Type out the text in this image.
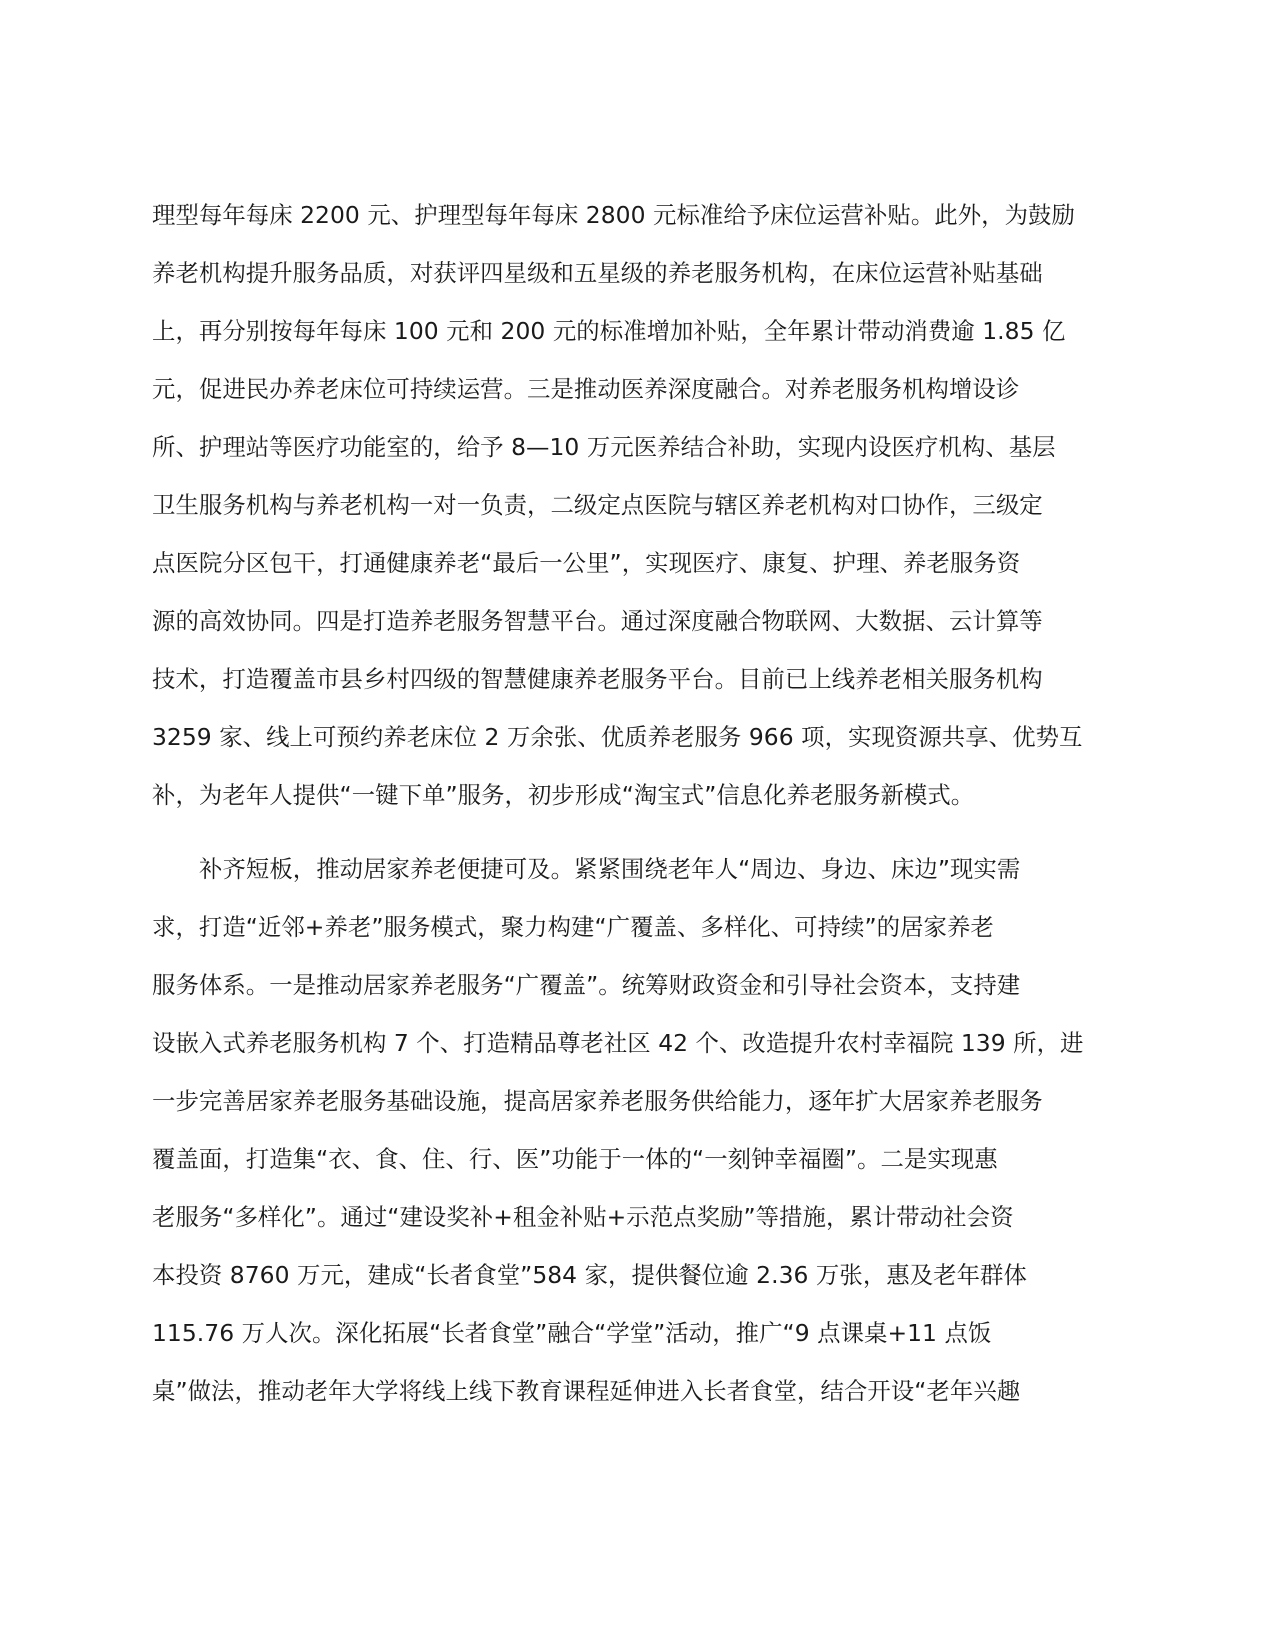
理型每年每床 2200 元、护理型每年每床 2800 元标准给予床位运营补贴。此外，为鼓励
养老机构提升服务品质，对获评四星级和五星级的养老服务机构，在床位运营补贴基础
上，再分别按每年每床 100 元和 200 元的标准增加补贴，全年累计带动消费逾 1.85 亿
元，促进民办养老床位可持续运营。三是推动医养深度融合。对养老服务机构增设诊
所、护理站等医疗功能室的，给予 8—10 万元医养结合补助，实现内设医疗机构、基层
卫生服务机构与养老机构一对一负责，二级定点医院与辖区养老机构对口协作，三级定
点医院分区包干，打通健康养老“最后一公里”，实现医疗、康复、护理、养老服务资
源的高效协同。四是打造养老服务智慧平台。通过深度融合物联网、大数据、云计算等
技术，打造覆盖市县乡村四级的智慧健康养老服务平台。目前已上线养老相关服务机构
3259 家、线上可预约养老床位 2 万余张、优质养老服务 966 项，实现资源共享、优势互
补，为老年人提供“一键下单”服务，初步形成“淘宝式”信息化养老服务新模式。
补齐短板，推动居家养老便捷可及。紧紧围绕老年人“周边、身边、床边”现实需
求，打造“近邻+养老”服务模式，聚力构建“广覆盖、多样化、可持续”的居家养老
服务体系。一是推动居家养老服务“广覆盖”。统筹财政资金和引导社会资本，支持建
设嵌入式养老服务机构 7 个、打造精品尊老社区 42 个、改造提升农村幸福院 139 所，进
一步完善居家养老服务基础设施，提高居家养老服务供给能力，逐年扩大居家养老服务
覆盖面，打造集“衣、食、住、行、医”功能于一体的“一刻钟幸福圈”。二是实现惠
老服务“多样化”。通过“建设奖补+租金补贴+示范点奖励”等措施，累计带动社会资
本投资 8760 万元，建成“长者食堂”584 家，提供餐位逾 2.36 万张，惠及老年群体
115.76 万人次。深化拓展“长者食堂”融合“学堂”活动，推广“9 点课桌+11 点饭
桌”做法，推动老年大学将线上线下教育课程延伸进入长者食堂，结合开设“老年兴趣
